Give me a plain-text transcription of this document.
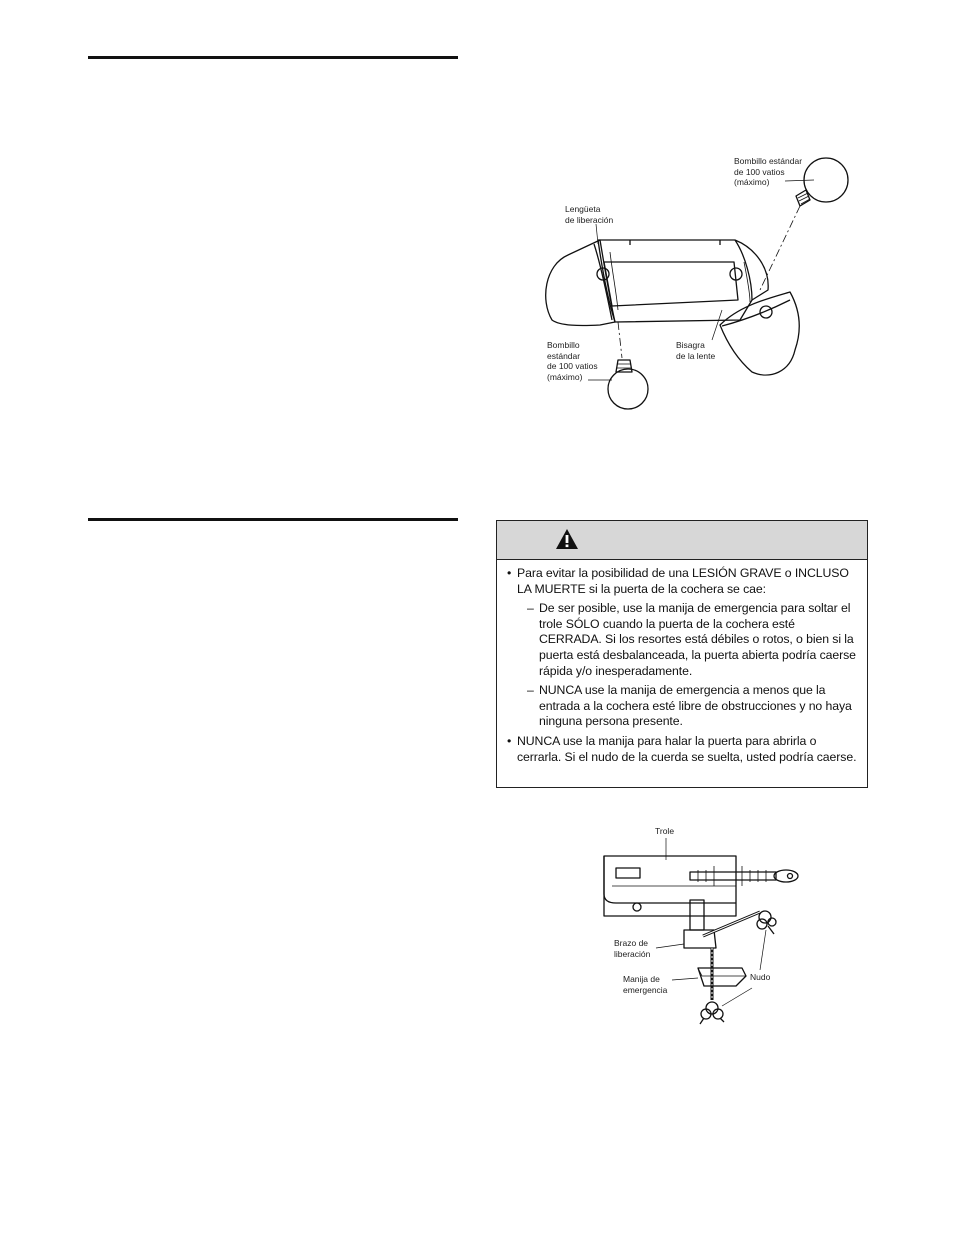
Bombillo estándar
de 100 vatios
(máximo)
Lengüeta
de liberación
Bombillo
estándar
de 100 vatios
(máximo)
Bisagra
de la lente
• Para evitar la posibilidad de una LESIÓN GRAVE o INCLUSO LA MUERTE si la puerta de la cochera se cae:
– De ser posible, use la manija de emergencia para soltar el trole SÓLO cuando la puerta de la cochera esté CERRADA. Si los resortes está débiles o rotos, o bien si la puerta está desbalanceada, la puerta abierta podría caerse rápida y/o inesperadamente.
– NUNCA use la manija de emergencia a menos que la entrada a la cochera esté libre de obstrucciones y no haya ninguna persona presente.
• NUNCA use la manija para halar la puerta para abrirla o cerrarla. Si el nudo de la cuerda se suelta, usted podría caerse.
Trole
Brazo de
liberación
Nudo
Manija de
emergencia
